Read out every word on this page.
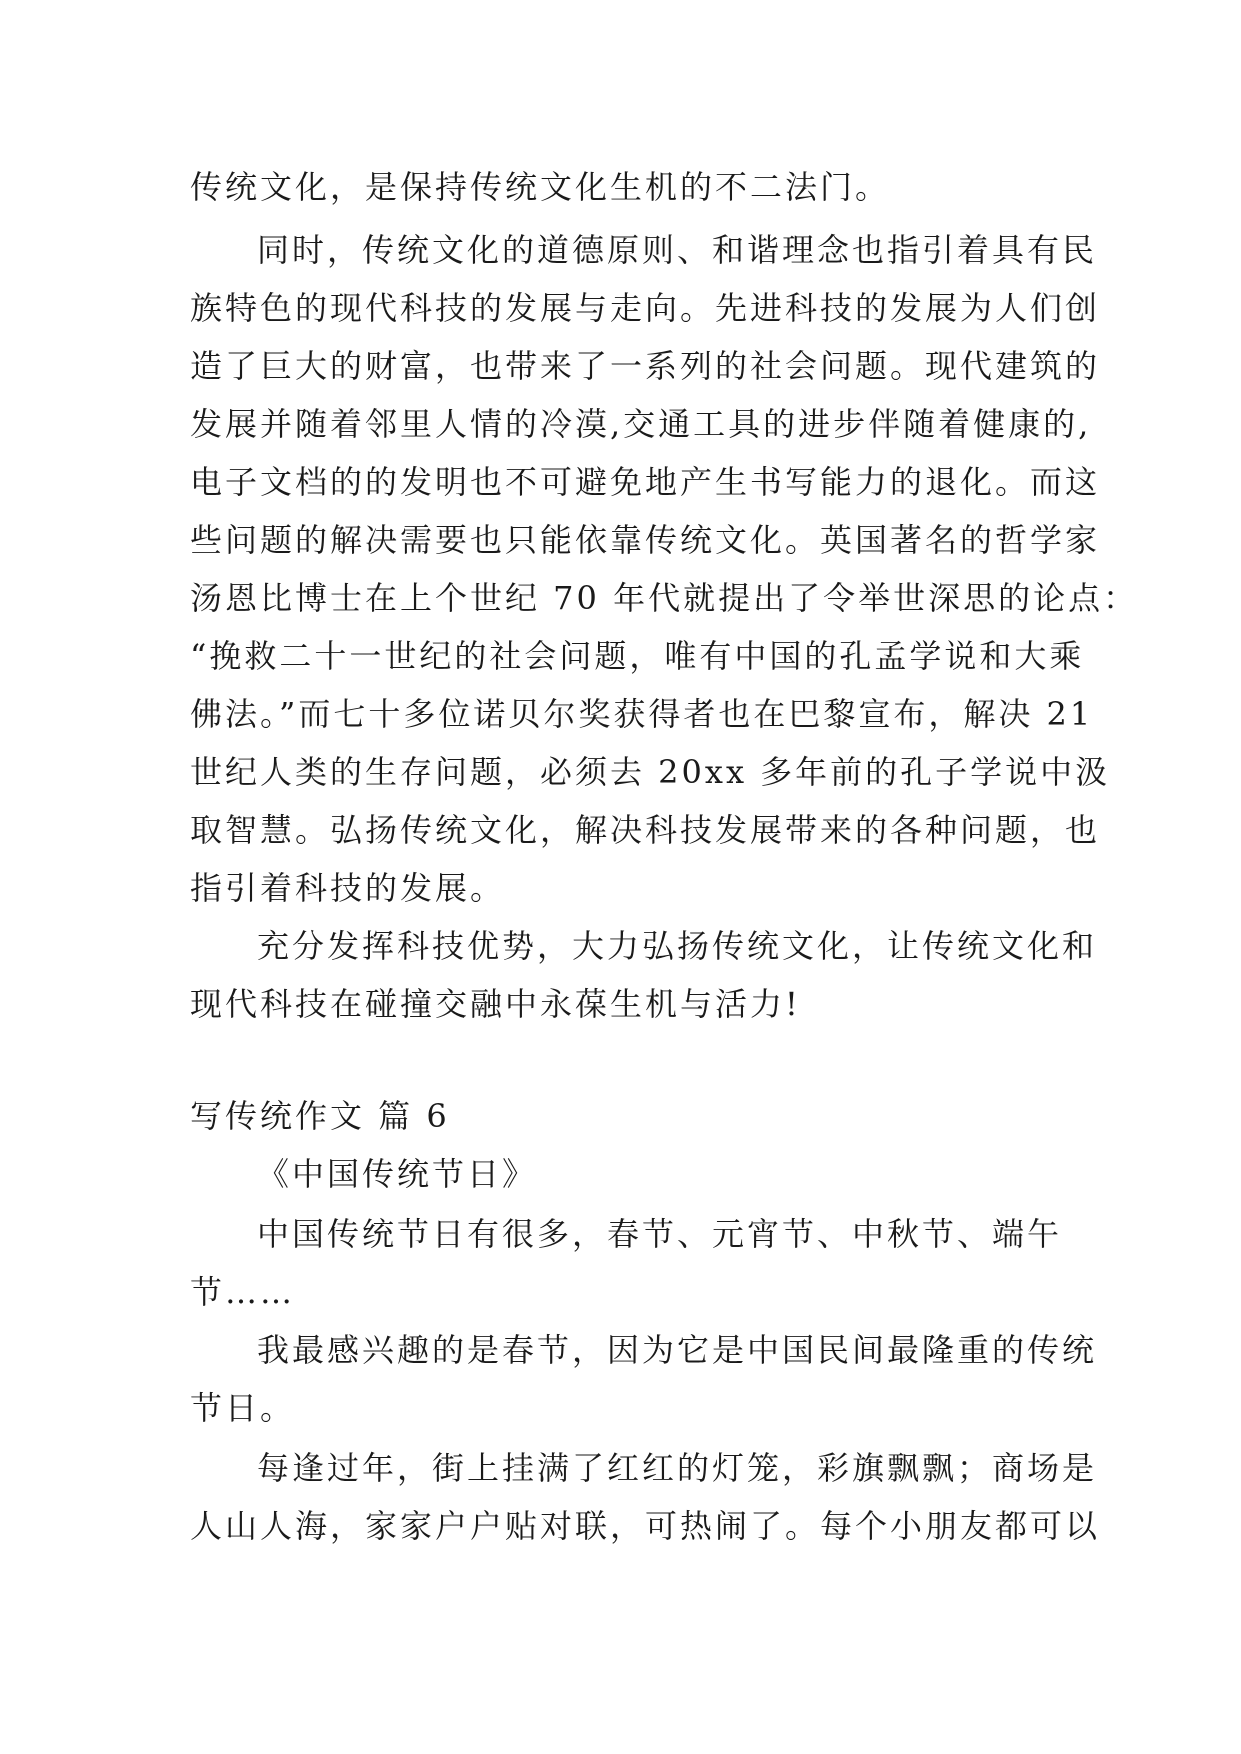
传统文化，是保持传统文化生机的不二法门。
同时，传统文化的道德原则、和谐理念也指引着具有民
族特色的现代科技的发展与走向。先进科技的发展为人们创
造了巨大的财富，也带来了一系列的社会问题。现代建筑的
发展并随着邻里人情的冷漠,交通工具的进步伴随着健康的,
电子文档的的发明也不可避免地产生书写能力的退化。而这
些问题的解决需要也只能依靠传统文化。英国著名的哲学家
汤恩比博士在上个世纪 70 年代就提出了令举世深思的论点：
“挽救二十一世纪的社会问题，唯有中国的孔孟学说和大乘
佛法。”而七十多位诺贝尔奖获得者也在巴黎宣布，解决 21
世纪人类的生存问题，必须去 20xx 多年前的孔子学说中汲
取智慧。弘扬传统文化，解决科技发展带来的各种问题，也
指引着科技的发展。
充分发挥科技优势，大力弘扬传统文化，让传统文化和
现代科技在碰撞交融中永葆生机与活力!
写传统作文 篇 6
《中国传统节日》
中国传统节日有很多，春节、元宵节、中秋节、端午
节……
我最感兴趣的是春节，因为它是中国民间最隆重的传统
节日。
每逢过年，街上挂满了红红的灯笼，彩旗飘飘；商场是
人山人海，家家户户贴对联，可热闹了。每个小朋友都可以
